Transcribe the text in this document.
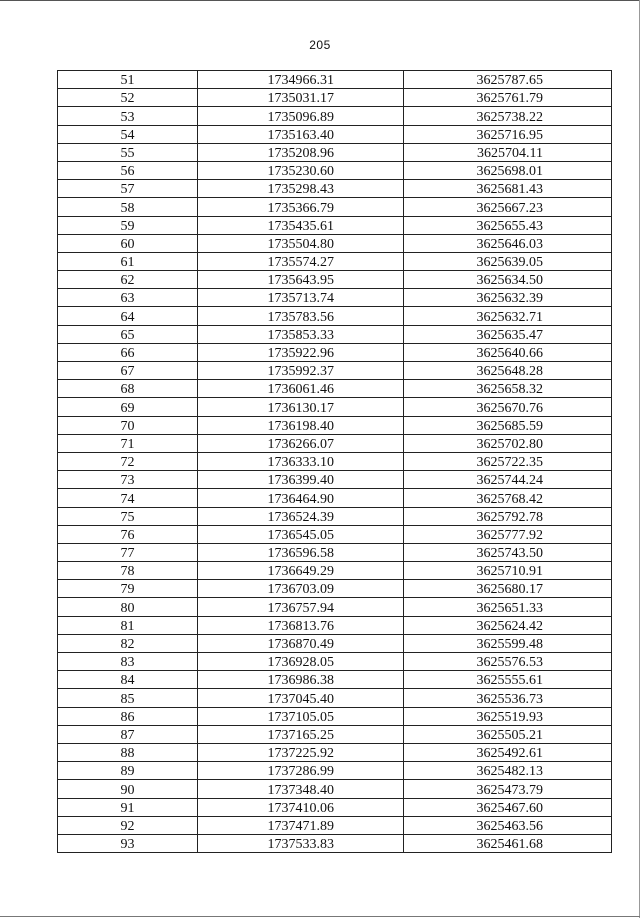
205
51	1734966.31	3625787.65
52	1735031.17	3625761.79
53	1735096.89	3625738.22
54	1735163.40	3625716.95
55	1735208.96	3625704.11
56	1735230.60	3625698.01
57	1735298.43	3625681.43
58	1735366.79	3625667.23
59	1735435.61	3625655.43
60	1735504.80	3625646.03
61	1735574.27	3625639.05
62	1735643.95	3625634.50
63	1735713.74	3625632.39
64	1735783.56	3625632.71
65	1735853.33	3625635.47
66	1735922.96	3625640.66
67	1735992.37	3625648.28
68	1736061.46	3625658.32
69	1736130.17	3625670.76
70	1736198.40	3625685.59
71	1736266.07	3625702.80
72	1736333.10	3625722.35
73	1736399.40	3625744.24
74	1736464.90	3625768.42
75	1736524.39	3625792.78
76	1736545.05	3625777.92
77	1736596.58	3625743.50
78	1736649.29	3625710.91
79	1736703.09	3625680.17
80	1736757.94	3625651.33
81	1736813.76	3625624.42
82	1736870.49	3625599.48
83	1736928.05	3625576.53
84	1736986.38	3625555.61
85	1737045.40	3625536.73
86	1737105.05	3625519.93
87	1737165.25	3625505.21
88	1737225.92	3625492.61
89	1737286.99	3625482.13
90	1737348.40	3625473.79
91	1737410.06	3625467.60
92	1737471.89	3625463.56
93	1737533.83	3625461.68
